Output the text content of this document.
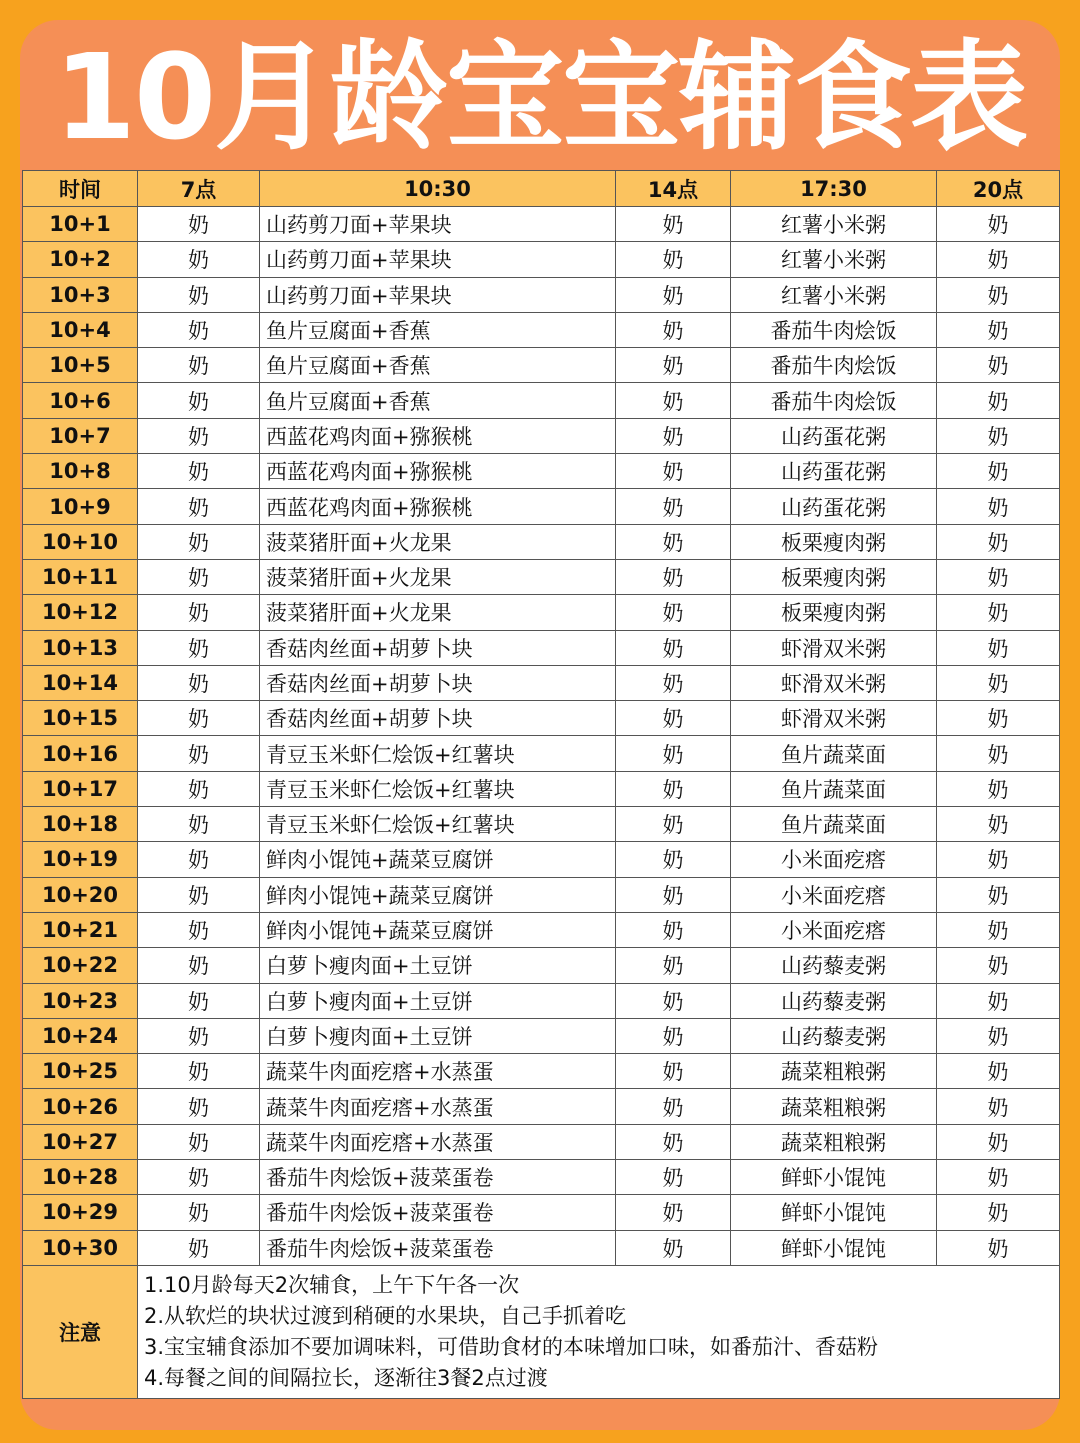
10月龄宝宝辅食表
时间	7点	10:30	14点	17:30	20点
10+1	奶	山药剪刀面+苹果块	奶	红薯小米粥	奶
10+2	奶	山药剪刀面+苹果块	奶	红薯小米粥	奶
10+3	奶	山药剪刀面+苹果块	奶	红薯小米粥	奶
10+4	奶	鱼片豆腐面+香蕉	奶	番茄牛肉烩饭	奶
10+5	奶	鱼片豆腐面+香蕉	奶	番茄牛肉烩饭	奶
10+6	奶	鱼片豆腐面+香蕉	奶	番茄牛肉烩饭	奶
10+7	奶	西蓝花鸡肉面+猕猴桃	奶	山药蛋花粥	奶
10+8	奶	西蓝花鸡肉面+猕猴桃	奶	山药蛋花粥	奶
10+9	奶	西蓝花鸡肉面+猕猴桃	奶	山药蛋花粥	奶
10+10	奶	菠菜猪肝面+火龙果	奶	板栗瘦肉粥	奶
10+11	奶	菠菜猪肝面+火龙果	奶	板栗瘦肉粥	奶
10+12	奶	菠菜猪肝面+火龙果	奶	板栗瘦肉粥	奶
10+13	奶	香菇肉丝面+胡萝卜块	奶	虾滑双米粥	奶
10+14	奶	香菇肉丝面+胡萝卜块	奶	虾滑双米粥	奶
10+15	奶	香菇肉丝面+胡萝卜块	奶	虾滑双米粥	奶
10+16	奶	青豆玉米虾仁烩饭+红薯块	奶	鱼片蔬菜面	奶
10+17	奶	青豆玉米虾仁烩饭+红薯块	奶	鱼片蔬菜面	奶
10+18	奶	青豆玉米虾仁烩饭+红薯块	奶	鱼片蔬菜面	奶
10+19	奶	鲜肉小馄饨+蔬菜豆腐饼	奶	小米面疙瘩	奶
10+20	奶	鲜肉小馄饨+蔬菜豆腐饼	奶	小米面疙瘩	奶
10+21	奶	鲜肉小馄饨+蔬菜豆腐饼	奶	小米面疙瘩	奶
10+22	奶	白萝卜瘦肉面+土豆饼	奶	山药藜麦粥	奶
10+23	奶	白萝卜瘦肉面+土豆饼	奶	山药藜麦粥	奶
10+24	奶	白萝卜瘦肉面+土豆饼	奶	山药藜麦粥	奶
10+25	奶	蔬菜牛肉面疙瘩+水蒸蛋	奶	蔬菜粗粮粥	奶
10+26	奶	蔬菜牛肉面疙瘩+水蒸蛋	奶	蔬菜粗粮粥	奶
10+27	奶	蔬菜牛肉面疙瘩+水蒸蛋	奶	蔬菜粗粮粥	奶
10+28	奶	番茄牛肉烩饭+菠菜蛋卷	奶	鲜虾小馄饨	奶
10+29	奶	番茄牛肉烩饭+菠菜蛋卷	奶	鲜虾小馄饨	奶
10+30	奶	番茄牛肉烩饭+菠菜蛋卷	奶	鲜虾小馄饨	奶
注意	1.10月龄每天2次辅食，上午下午各一次
2.从软烂的块状过渡到稍硬的水果块，自己手抓着吃
3.宝宝辅食添加不要加调味料，可借助食材的本味增加口味，如番茄汁、香菇粉
4.每餐之间的间隔拉长，逐渐往3餐2点过渡				
